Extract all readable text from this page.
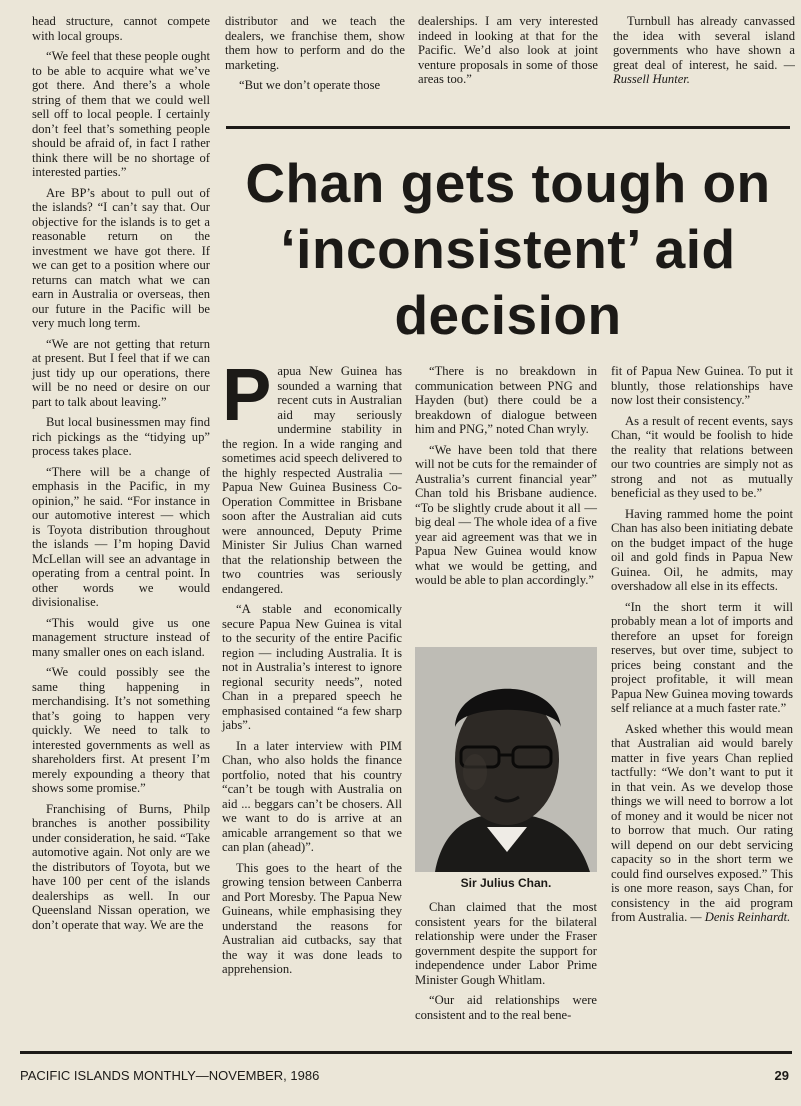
head structure, cannot compete with local groups.

“We feel that these people ought to be able to acquire what we’ve got there. And there’s a whole string of them that we could well sell off to local people. I certainly don’t feel that’s something people should be afraid of, in fact I rather think there will be no shortage of interested parties.”

Are BP’s about to pull out of the islands? “I can’t say that. Our objective for the islands is to get a reasonable return on the investment we have got there. If we can get to a position where our returns can match what we can earn in Australia or overseas, then our future in the Pacific will be very much long term.

“We are not getting that return at present. But I feel that if we can just tidy up our operations, there will be no need or desire on our part to talk about leaving.”

But local businessmen may find rich pickings as the “tidying up” process takes place.

“There will be a change of emphasis in the Pacific, in my opinion,” he said. “For instance in our automotive interest — which is Toyota distribution throughout the islands — I’m hoping David McLellan will see an advantage in operating from a central point. In other words we would divisionalise.

“This would give us one management structure instead of many smaller ones on each island.

“We could possibly see the same thing happening in merchandising. It’s not something that’s going to happen very quickly. We need to talk to interested governments as well as shareholders first. At present I’m merely expounding a theory that shows some promise.”

Franchising of Burns, Philp branches is another possibility under consideration, he said. “Take automotive again. Not only are we the distributors of Toyota, but we have 100 per cent of the islands dealerships as well. In our Queensland Nissan operation, we don’t operate that way. We are the

distributor and we teach the dealers, we franchise them, show them how to perform and do the marketing.

“But we don’t operate those

dealerships. I am very interested indeed in looking at that for the Pacific. We’d also look at joint venture proposals in some of those areas too.”

Turnbull has already canvassed the idea with several island governments who have shown a great deal of interest, he said. — Russell Hunter.

Chan gets tough on ‘inconsistent’ aid decision

Papua New Guinea has sounded a warning that recent cuts in Australian aid may seriously undermine stability in the region. In a wide ranging and sometimes acid speech delivered to the highly respected Australia — Papua New Guinea Business Co-Operation Committee in Brisbane soon after the Australian aid cuts were announced, Deputy Prime Minister Sir Julius Chan warned that the relationship between the two countries was seriously endangered.

“A stable and economically secure Papua New Guinea is vital to the security of the entire Pacific region — including Australia. It is not in Australia’s interest to ignore regional security needs”, noted Chan in a prepared speech he emphasised contained “a few sharp jabs”.

In a later interview with PIM Chan, who also holds the finance portfolio, noted that his country “can’t be tough with Australia on aid ... beggars can’t be chosers. All we want to do is arrive at an amicable arrangement so that we can plan (ahead)”.

This goes to the heart of the growing tension between Canberra and Port Moresby. The Papua New Guineans, while emphasising they understand the reasons for Australian aid cutbacks, say that the way it was done leads to apprehension.

“There is no breakdown in communication between PNG and Hayden (but) there could be a breakdown of dialogue between him and PNG,” noted Chan wryly.

“We have been told that there will not be cuts for the remainder of Australia’s current financial year” Chan told his Brisbane audience. “To be slightly crude about it all — big deal — The whole idea of a five year aid agreement was that we in Papua New Guinea would know what we would be getting, and would be able to plan accordingly.”

Sir Julius Chan.

Chan claimed that the most consistent years for the bilateral relationship were under the Fraser government despite the support for independence under Labor Prime Minister Gough Whitlam.

“Our aid relationships were consistent and to the real bene-

fit of Papua New Guinea. To put it bluntly, those relationships have now lost their consistency.”

As a result of recent events, says Chan, “it would be foolish to hide the reality that relations between our two countries are simply not as strong and not as mutually beneficial as they used to be.”

Having rammed home the point Chan has also been initiating debate on the budget impact of the huge oil and gold finds in Papua New Guinea. Oil, he admits, may overshadow all else in its effects.

“In the short term it will probably mean a lot of imports and therefore an upset for foreign reserves, but over time, subject to prices being constant and the project profitable, it will mean Papua New Guinea moving towards self reliance at a much faster rate.”

Asked whether this would mean that Australian aid would barely matter in five years Chan replied tactfully: “We don’t want to put it in that vein. As we develop those things we will need to borrow a lot of money and it would be nicer not to borrow that much. Our rating will depend on our debt servicing capacity so in the short term we could find ourselves exposed.” This is one more reason, says Chan, for consistency in the aid program from Australia. — Denis Reinhardt.

PACIFIC ISLANDS MONTHLY—NOVEMBER, 1986	29
